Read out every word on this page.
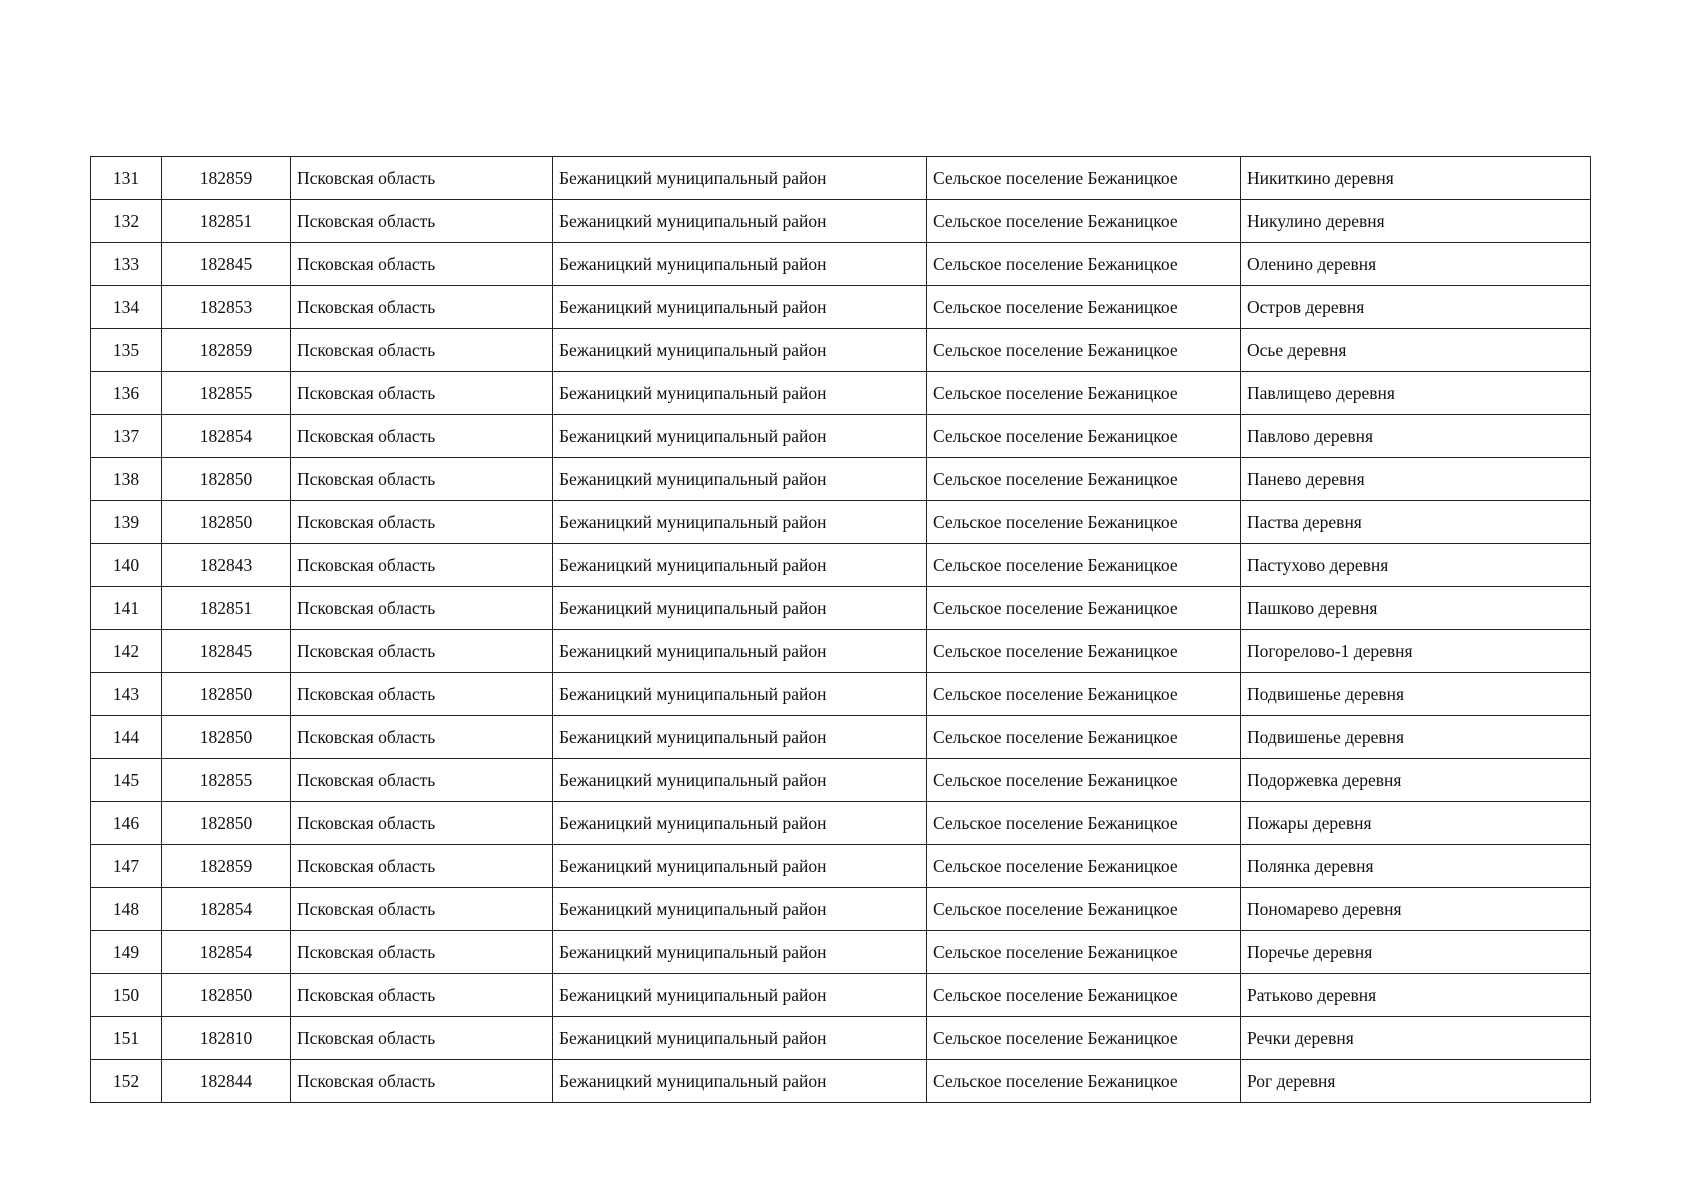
131	182859	Псковская область	Бежаницкий муниципальный район	Сельское поселение Бежаницкое	Никиткино деревня
132	182851	Псковская область	Бежаницкий муниципальный район	Сельское поселение Бежаницкое	Никулино деревня
133	182845	Псковская область	Бежаницкий муниципальный район	Сельское поселение Бежаницкое	Оленино деревня
134	182853	Псковская область	Бежаницкий муниципальный район	Сельское поселение Бежаницкое	Остров деревня
135	182859	Псковская область	Бежаницкий муниципальный район	Сельское поселение Бежаницкое	Осье деревня
136	182855	Псковская область	Бежаницкий муниципальный район	Сельское поселение Бежаницкое	Павлищево деревня
137	182854	Псковская область	Бежаницкий муниципальный район	Сельское поселение Бежаницкое	Павлово деревня
138	182850	Псковская область	Бежаницкий муниципальный район	Сельское поселение Бежаницкое	Панево деревня
139	182850	Псковская область	Бежаницкий муниципальный район	Сельское поселение Бежаницкое	Паства деревня
140	182843	Псковская область	Бежаницкий муниципальный район	Сельское поселение Бежаницкое	Пастухово деревня
141	182851	Псковская область	Бежаницкий муниципальный район	Сельское поселение Бежаницкое	Пашково деревня
142	182845	Псковская область	Бежаницкий муниципальный район	Сельское поселение Бежаницкое	Погорелово-1 деревня
143	182850	Псковская область	Бежаницкий муниципальный район	Сельское поселение Бежаницкое	Подвишенье деревня
144	182850	Псковская область	Бежаницкий муниципальный район	Сельское поселение Бежаницкое	Подвишенье деревня
145	182855	Псковская область	Бежаницкий муниципальный район	Сельское поселение Бежаницкое	Подоржевка деревня
146	182850	Псковская область	Бежаницкий муниципальный район	Сельское поселение Бежаницкое	Пожары деревня
147	182859	Псковская область	Бежаницкий муниципальный район	Сельское поселение Бежаницкое	Полянка деревня
148	182854	Псковская область	Бежаницкий муниципальный район	Сельское поселение Бежаницкое	Пономарево деревня
149	182854	Псковская область	Бежаницкий муниципальный район	Сельское поселение Бежаницкое	Поречье деревня
150	182850	Псковская область	Бежаницкий муниципальный район	Сельское поселение Бежаницкое	Ратьково деревня
151	182810	Псковская область	Бежаницкий муниципальный район	Сельское поселение Бежаницкое	Речки деревня
152	182844	Псковская область	Бежаницкий муниципальный район	Сельское поселение Бежаницкое	Рог деревня
